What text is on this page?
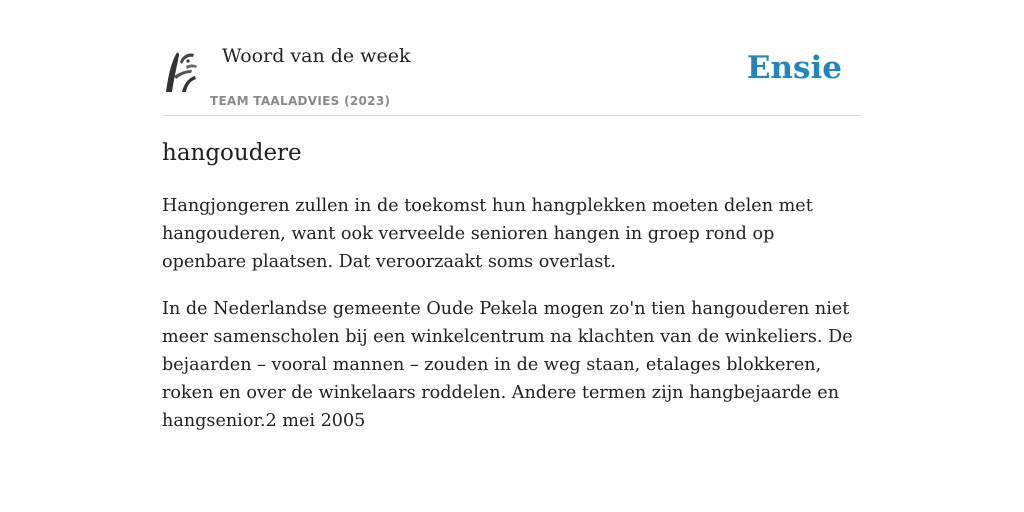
Woord van de week
TEAM TAALADVIES (2023)
Ensie
hangoudere

Hangjongeren zullen in de toekomst hun hangplekken moeten delen met hangouderen, want ook verveelde senioren hangen in groep rond op openbare plaatsen. Dat veroorzaakt soms overlast.

In de Nederlandse gemeente Oude Pekela mogen zo'n tien hangouderen niet meer samenscholen bij een winkelcentrum na klachten van de winkeliers. De bejaarden – vooral mannen – zouden in de weg staan, etalages blokkeren, roken en over de winkelaars roddelen. Andere termen zijn hangbejaarde en hangsenior.2 mei 2005
